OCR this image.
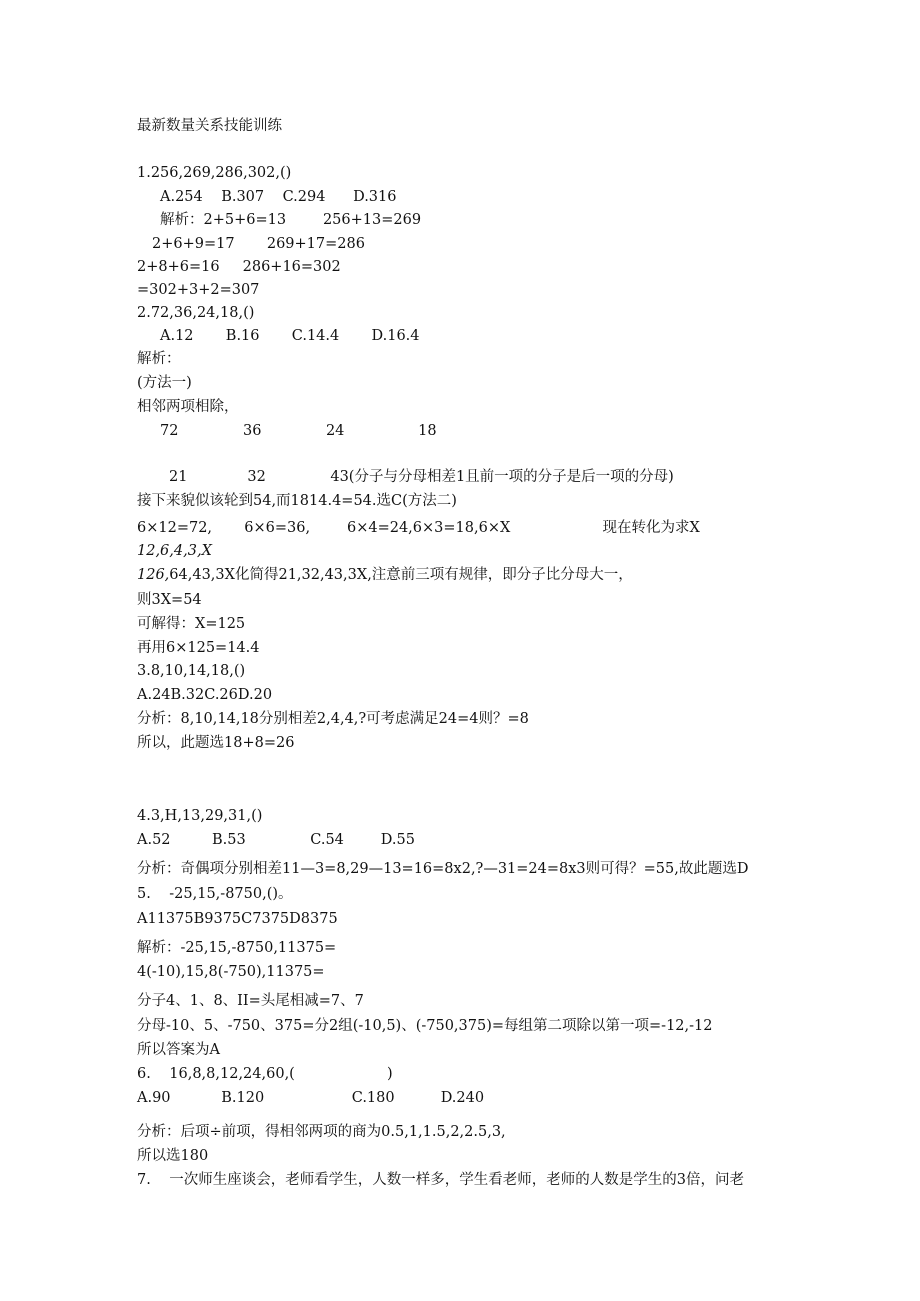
最新数量关系技能训练
1.256,269,286,302,()
A.254    B.307    C.294      D.316
解析：2+5+6=13        256+13=269
2+6+9=17       269+17=286
2+8+6=16     286+16=302
=302+3+2=307
2.72,36,24,18,()
A.12       B.16       C.14.4       D.16.4
解析：
(方法一)
相邻两项相除，
72              36              24                18
21             32              43(分子与分母相差1且前一项的分子是后一项的分母)
接下来貌似该轮到54,而1814.4=54.选C(方法二)
6×12=72,       6×6=36,        6×4=24,6×3=18,6×X                    现在转化为求X
12,6,4,3,X
126,64,43,3X化简得21,32,43,3X,注意前三项有规律，即分子比分母大一，
则3X=54
可解得：X=125
再用6×125=14.4
3.8,10,14,18,()
A.24B.32C.26D.20
分析：8,10,14,18分别相差2,4,4,?可考虑满足24=4则？=8
所以，此题选18+8=26
4.3,H,13,29,31,()
A.52         B.53              C.54        D.55
分析：奇偶项分别相差11—3=8,29—13=16=8x2,?—31=24=8x3则可得？=55,故此题选D
5.    -25,15,-8750,()。
A11375B9375C7375D8375
解析：-25,15,-8750,11375=
4(-10),15,8(-750),11375=
分子4、1、8、II=头尾相减=7、7
分母-10、5、-750、375=分2组(-10,5)、(-750,375)=每组第二项除以第一项=-12,-12
所以答案为A
6.    16,8,8,12,24,60,(                    )
A.90           B.120                   C.180          D.240
分析：后项÷前项，得相邻两项的商为0.5,1,1.5,2,2.5,3,
所以选180
7.    一次师生座谈会，老师看学生，人数一样多，学生看老师，老师的人数是学生的3倍，问老
